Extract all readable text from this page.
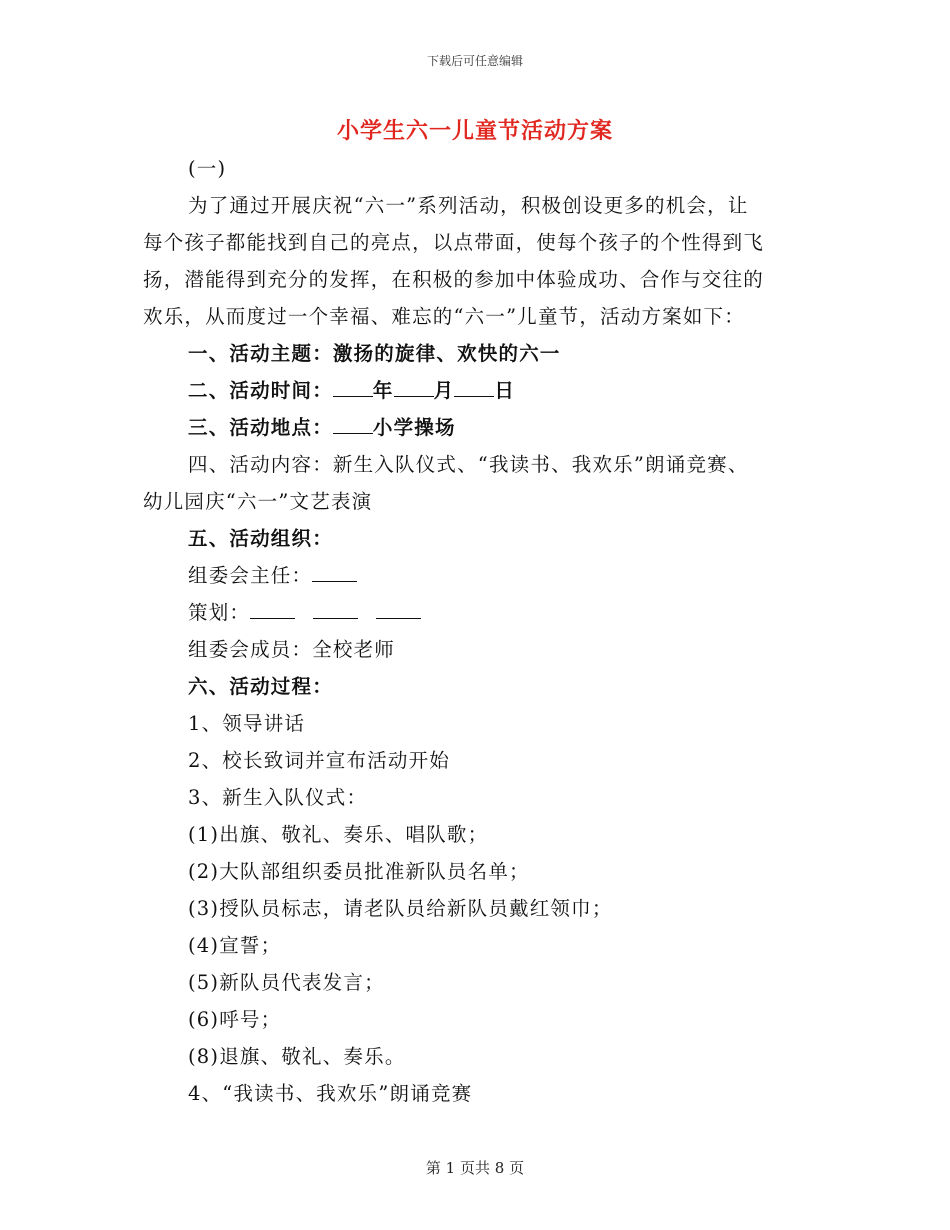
下载后可任意编辑
小学生六一儿童节活动方案
(一)
为了通过开展庆祝“六一”系列活动，积极创设更多的机会，让
每个孩子都能找到自己的亮点，以点带面，使每个孩子的个性得到飞
扬，潜能得到充分的发挥，在积极的参加中体验成功、合作与交往的
欢乐，从而度过一个幸福、难忘的“六一”儿童节，活动方案如下：
一、活动主题：激扬的旋律、欢快的六一
二、活动时间： 年 月 日
三、活动地点： 小学操场
四、活动内容：新生入队仪式、“我读书、我欢乐”朗诵竞赛、
幼儿园庆“六一”文艺表演
五、活动组织：
组委会主任：
策划：
组委会成员：全校老师
六、活动过程：
1、领导讲话
2、校长致词并宣布活动开始
3、新生入队仪式：
(1)出旗、敬礼、奏乐、唱队歌；
(2)大队部组织委员批准新队员名单；
(3)授队员标志，请老队员给新队员戴红领巾；
(4)宣誓；
(5)新队员代表发言；
(6)呼号；
(8)退旗、敬礼、奏乐。
4、“我读书、我欢乐”朗诵竞赛
第 1 页共 8 页
